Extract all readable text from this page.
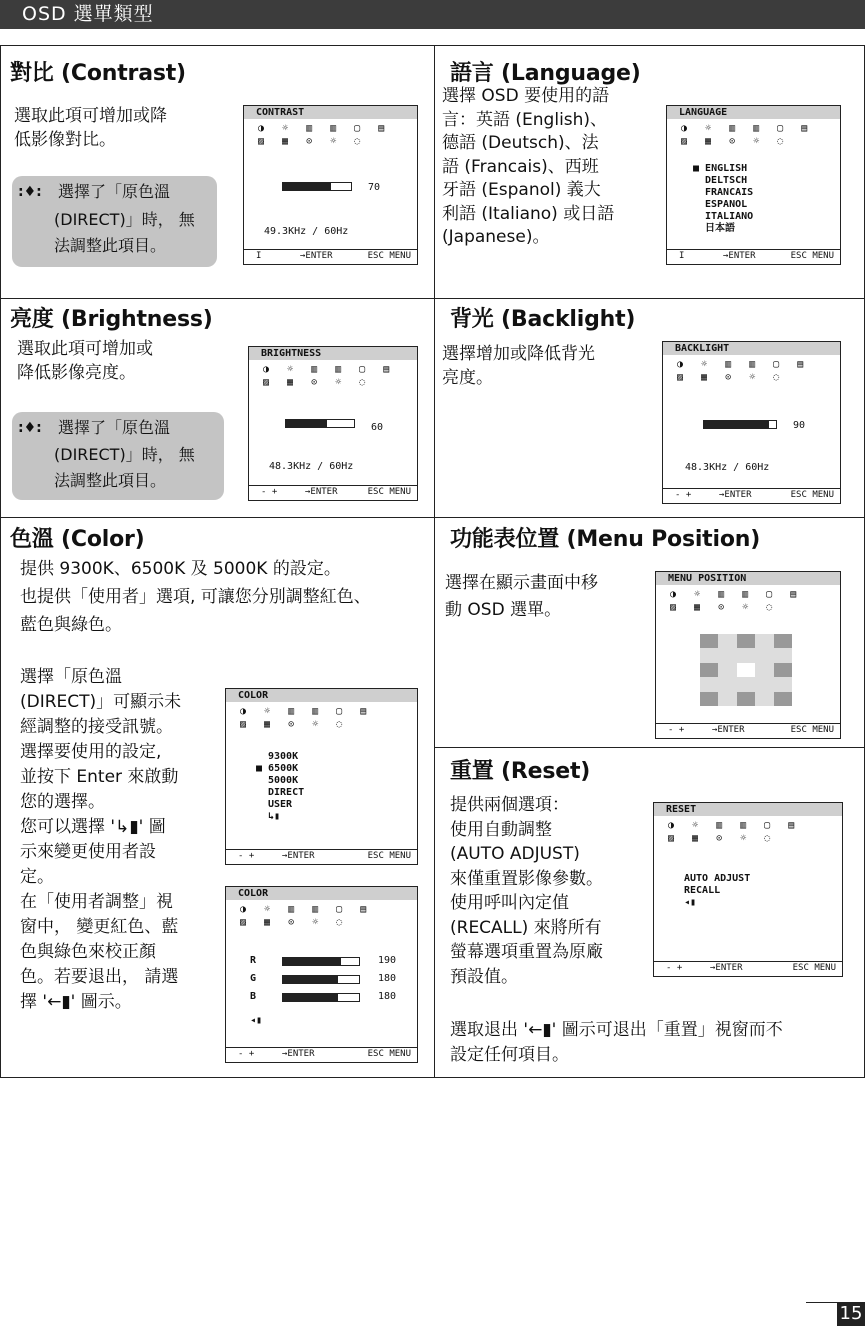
OSD 選單類型
對比 (Contrast)
選取此項可增加或降
低影像對比。
:♦: 選擇了「原色溫
(DIRECT)」時， 無
法調整此項目。
CONTRAST
◑ ☼ ▥ ▥ ▢ ▤
▨ ▦ ⊙ ☼ ◌
70
49.3KHz / 60Hz
I	→ENTER	ESC MENU
語言 (Language)
選擇 OSD 要使用的語
言：英語 (English)、
德語 (Deutsch)、法
語 (Francais)、西班
牙語 (Espanol) 義大
利語 (Italiano) 或日語
(Japanese)。
LANGUAGE
◑ ☼ ▥ ▥ ▢ ▤
▨ ▦ ⊙ ☼ ◌
■ ENGLISH
DELTSCH
FRANCAIS
ESPANOL
ITALIANO
日本語
I	→ENTER	ESC MENU
亮度 (Brightness)
選取此項可增加或
降低影像亮度。
:♦: 選擇了「原色溫
(DIRECT)」時， 無
法調整此項目。
BRIGHTNESS
◑ ☼ ▥ ▥ ▢ ▤
▨ ▦ ⊙ ☼ ◌
60
48.3KHz / 60Hz
- +	→ENTER	ESC MENU
背光 (Backlight)
選擇增加或降低背光
亮度。
BACKLIGHT
◑ ☼ ▥ ▥ ▢ ▤
▨ ▦ ⊙ ☼ ◌
90
48.3KHz / 60Hz
- +	→ENTER	ESC MENU
色溫 (Color)
提供 9300K、6500K 及 5000K 的設定。
也提供「使用者」選項, 可讓您分別調整紅色、
藍色與綠色。
選擇「原色溫
(DIRECT)」可顯示未
經調整的接受訊號。
選擇要使用的設定,
並按下 Enter 來啟動
您的選擇。
您可以選擇 '↳▮' 圖
示來變更使用者設
定。
在「使用者調整」視
窗中， 變更紅色、藍
色與綠色來校正顏
色。若要退出， 請選
擇 '←▮' 圖示。
COLOR
◑ ☼ ▥ ▥ ▢ ▤
▨ ▦ ⊙ ☼ ◌
9300K
■ 6500K
5000K
DIRECT
USER
↳▮
- +	→ENTER	ESC MENU
COLOR
◑ ☼ ▥ ▥ ▢ ▤
▨ ▦ ⊙ ☼ ◌
R
G
B
190
180
180
◂▮
- +	→ENTER	ESC MENU
功能表位置 (Menu Position)
選擇在顯示畫面中移
動 OSD 選單。
MENU POSITION
◑ ☼ ▥ ▥ ▢ ▤
▨ ▦ ⊙ ☼ ◌
- +	→ENTER	ESC MENU
重置 (Reset)
提供兩個選項：
使用自動調整
(AUTO ADJUST)
來僅重置影像參數。
使用呼叫內定值
(RECALL) 來將所有
螢幕選項重置為原廠
預設值。
選取退出 '←▮' 圖示可退出「重置」視窗而不
設定任何項目。
RESET
◑ ☼ ▥ ▥ ▢ ▤
▨ ▦ ⊙ ☼ ◌
AUTO ADJUST
RECALL
◂▮
- +	→ENTER	ESC MENU
15
